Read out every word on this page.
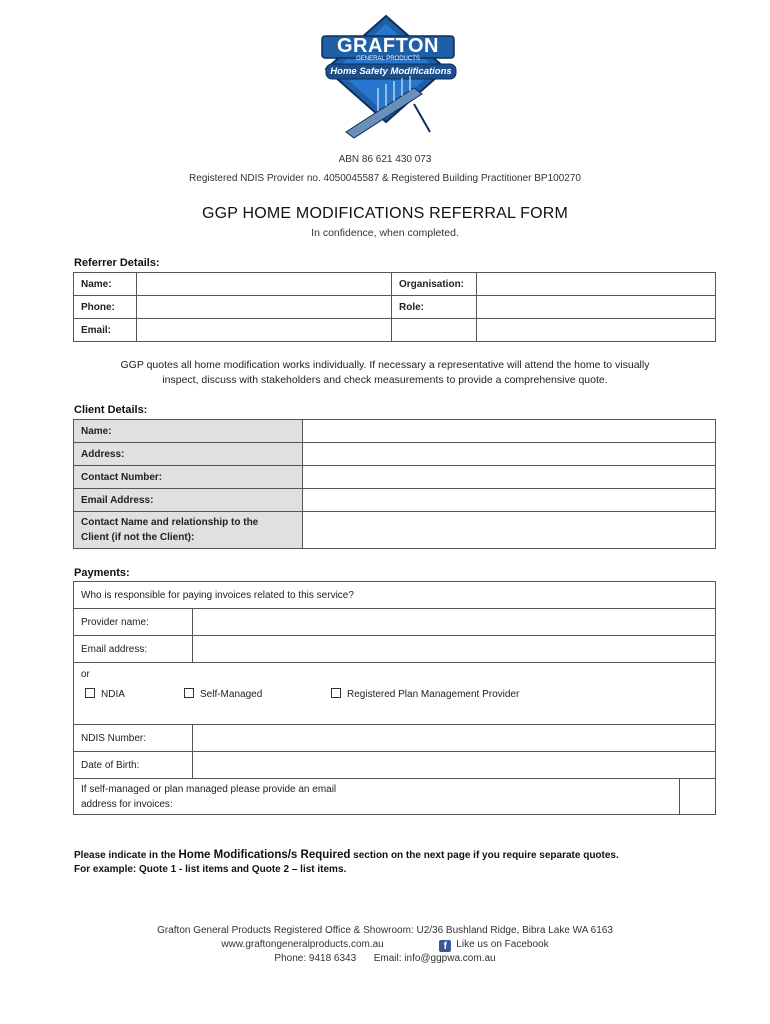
GRAFTON
GENERAL PRODUCTS
Home Safety Modifications
ABN 86 621 430 073
Registered NDIS Provider no. 4050045587 & Registered Building Practitioner BP100270
GGP HOME MODIFICATIONS REFERRAL FORM
In confidence, when completed.
Referrer Details:
Name:		Organisation:	
Phone:		Role:	
Email:			
GGP quotes all home modification works individually. If necessary a representative will attend the home to visually
inspect, discuss with stakeholders and check measurements to provide a comprehensive quote.
Client Details:
Name:	
Address:	
Contact Number:	
Email Address:	

Contact Name and relationship to the
Client (if not the Client):	

Payments:
Who is responsible for paying invoices related to this service?		
Provider name:		
Email address:		

or
NDIA Self-Managed Registered Plan Management Provider		

NDIS Number:		
Date of Birth:		

If self-managed or plan managed please provide an email
address for invoices:		

Please indicate in the Home Modifications/s Required section on the next page if you require separate quotes.
For example: Quote 1 - list items and Quote 2 – list items.
Grafton General Products Registered Office & Showroom: U2/36 Bushland Ridge, Bibra Lake WA 6163
www.graftongeneralproducts.com.au	f Like us on Facebook
Phone: 9418 6343 Email: info@ggpwa.com.au
